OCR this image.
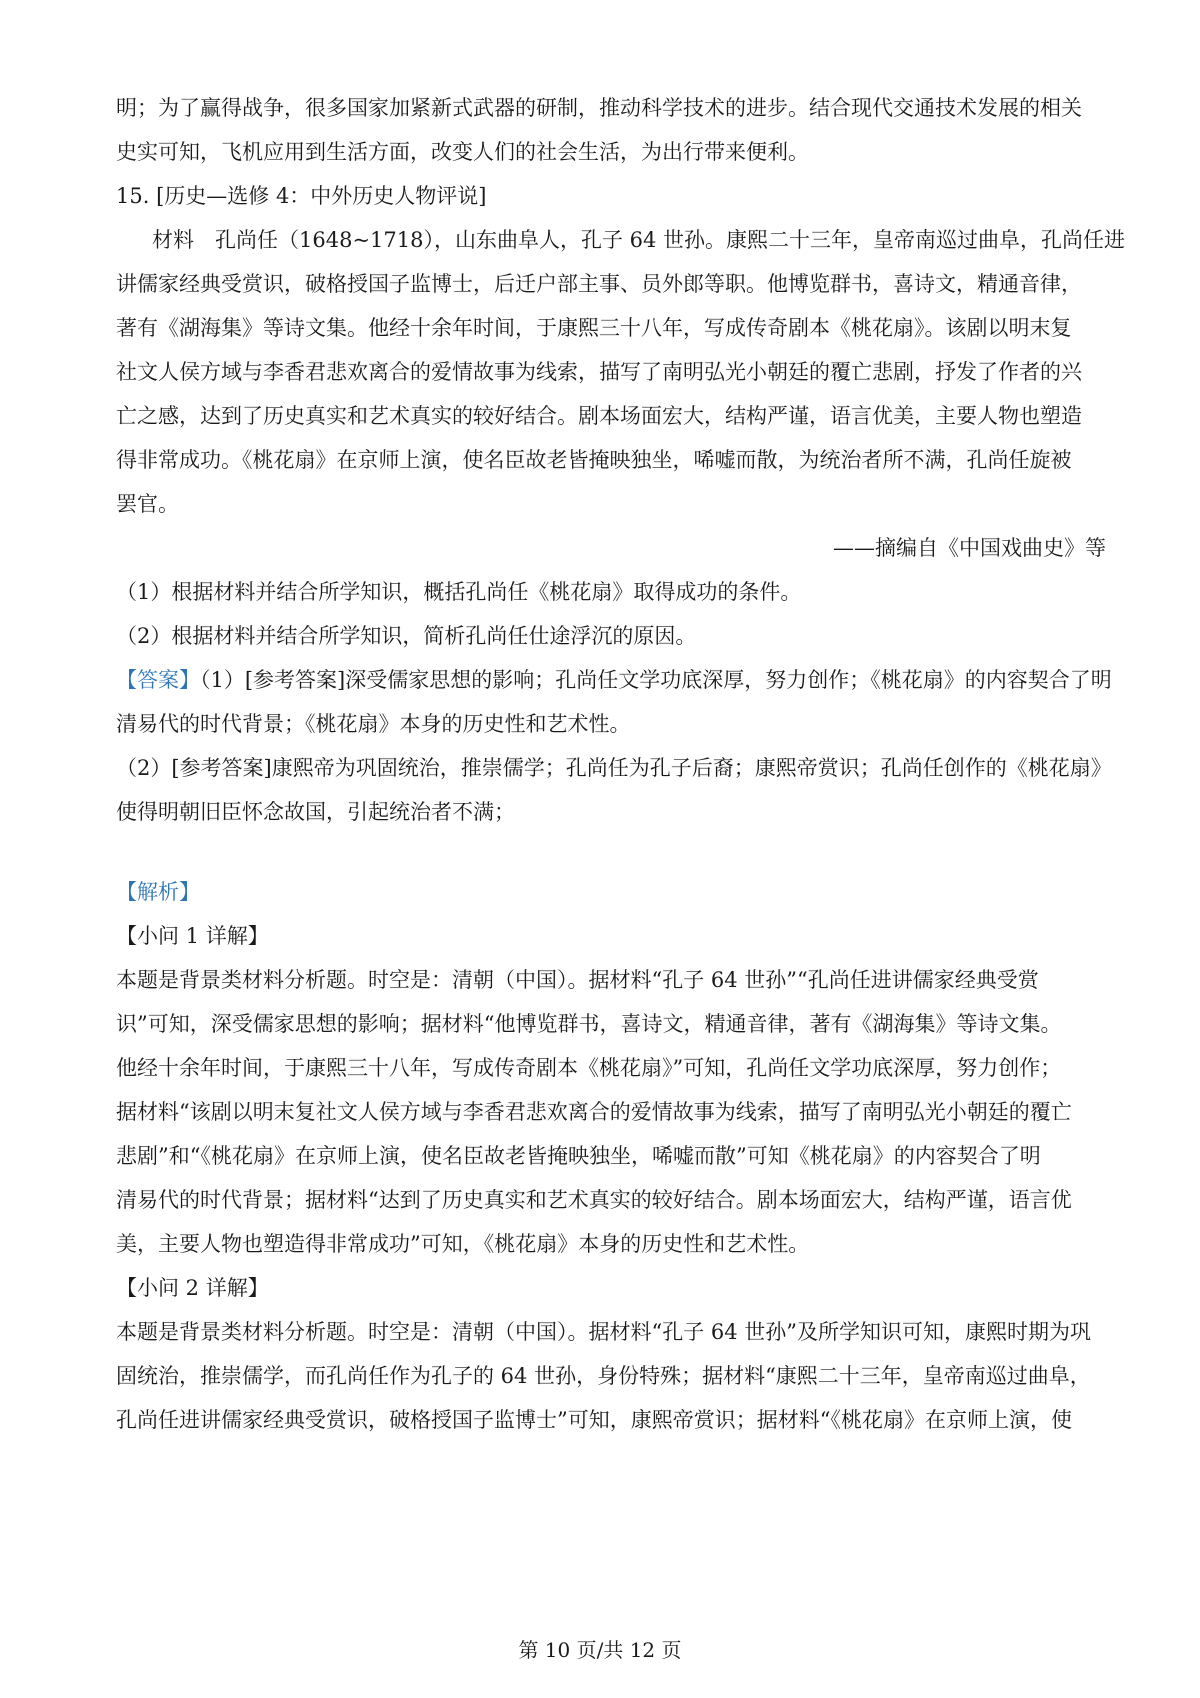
明；为了赢得战争，很多国家加紧新式武器的研制，推动科学技术的进步。结合现代交通技术发展的相关
史实可知，飞机应用到生活方面，改变人们的社会生活，为出行带来便利。
15. [历史—选修 4：中外历史人物评说]
材料　孔尚任（1648~1718），山东曲阜人，孔子 64 世孙。康熙二十三年，皇帝南巡过曲阜，孔尚任进
讲儒家经典受赏识，破格授国子监博士，后迁户部主事、员外郎等职。他博览群书，喜诗文，精通音律，
著有《湖海集》等诗文集。他经十余年时间，于康熙三十八年，写成传奇剧本《桃花扇》。该剧以明末复
社文人侯方域与李香君悲欢离合的爱情故事为线索，描写了南明弘光小朝廷的覆亡悲剧，抒发了作者的兴
亡之感，达到了历史真实和艺术真实的较好结合。剧本场面宏大，结构严谨，语言优美，主要人物也塑造
得非常成功。《桃花扇》在京师上演，使名臣故老皆掩映独坐，唏嘘而散，为统治者所不满，孔尚任旋被
罢官。
——摘编自《中国戏曲史》等
（1）根据材料并结合所学知识，概括孔尚任《桃花扇》取得成功的条件。
（2）根据材料并结合所学知识，简析孔尚任仕途浮沉的原因。
【答案】（1）[参考答案]深受儒家思想的影响；孔尚任文学功底深厚，努力创作；《桃花扇》的内容契合了明
清易代的时代背景；《桃花扇》本身的历史性和艺术性。
（2）[参考答案]康熙帝为巩固统治，推崇儒学；孔尚任为孔子后裔；康熙帝赏识；孔尚任创作的《桃花扇》
使得明朝旧臣怀念故国，引起统治者不满；
【解析】
【小问 1 详解】
本题是背景类材料分析题。时空是：清朝（中国）。据材料“孔子 64 世孙”“孔尚任进讲儒家经典受赏
识”可知，深受儒家思想的影响；据材料“他博览群书，喜诗文，精通音律，著有《湖海集》等诗文集。
他经十余年时间，于康熙三十八年，写成传奇剧本《桃花扇》”可知，孔尚任文学功底深厚，努力创作；
据材料“该剧以明末复社文人侯方域与李香君悲欢离合的爱情故事为线索，描写了南明弘光小朝廷的覆亡
悲剧”和“《桃花扇》在京师上演，使名臣故老皆掩映独坐，唏嘘而散”可知《桃花扇》的内容契合了明
清易代的时代背景；据材料“达到了历史真实和艺术真实的较好结合。剧本场面宏大，结构严谨，语言优
美，主要人物也塑造得非常成功”可知，《桃花扇》本身的历史性和艺术性。
【小问 2 详解】
本题是背景类材料分析题。时空是：清朝（中国）。据材料“孔子 64 世孙”及所学知识可知，康熙时期为巩
固统治，推崇儒学，而孔尚任作为孔子的 64 世孙，身份特殊；据材料“康熙二十三年，皇帝南巡过曲阜，
孔尚任进讲儒家经典受赏识，破格授国子监博士”可知，康熙帝赏识；据材料“《桃花扇》在京师上演，使
第 10 页/共 12 页
